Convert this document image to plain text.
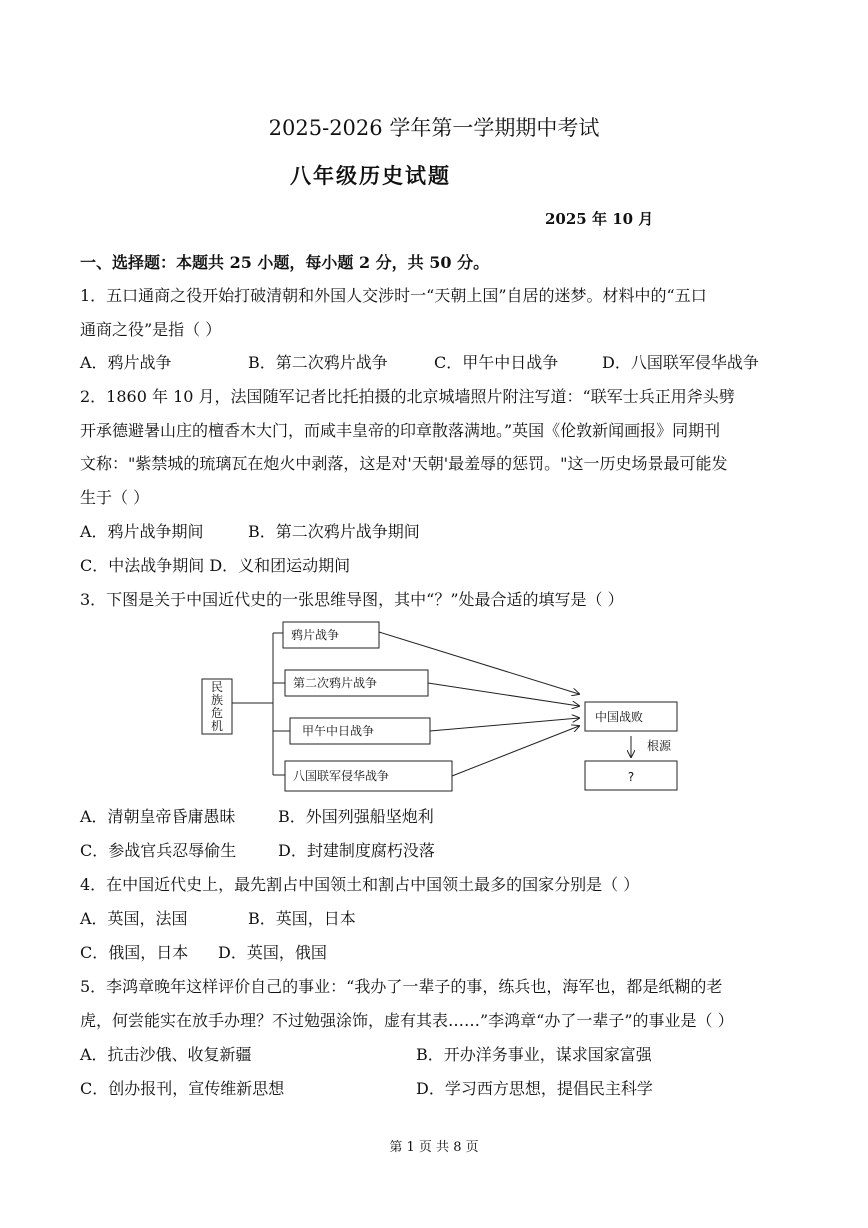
2025-2026 学年第一学期期中考试
八年级历史试题
2025 年 10 月
一、选择题：本题共 25 小题，每小题 2 分，共 50 分。
1．五口通商之役开始打破清朝和外国人交涉时一“天朝上国”自居的迷梦。材料中的“五口
通商之役”是指（ ）
A．鸦片战争	B．第二次鸦片战争	C．甲午中日战争	D．八国联军侵华战争
2．1860 年 10 月，法国随军记者比托拍摄的北京城墙照片附注写道：“联军士兵正用斧头劈
开承德避暑山庄的檀香木大门，而咸丰皇帝的印章散落满地。”英国《伦敦新闻画报》同期刊
文称："紫禁城的琉璃瓦在炮火中剥落，这是对'天朝'最羞辱的惩罚。"这一历史场景最可能发
生于（ ）
A．鸦片战争期间	B．第二次鸦片战争期间
C．中法战争期间 D．义和团运动期间
3．下图是关于中国近代史的一张思维导图，其中“？”处最合适的填写是（ ）
民
族
危
机
鸦片战争
第二次鸦片战争
甲午中日战争
八国联军侵华战争
中国战败
根源
?
A．清朝皇帝昏庸愚昧	B．外国列强船坚炮利
C．参战官兵忍辱偷生	D．封建制度腐朽没落
4．在中国近代史上，最先割占中国领土和割占中国领土最多的国家分别是（ ）
A．英国，法国	B．英国，日本
C．俄国，日本 D．英国，俄国
5．李鸿章晚年这样评价自己的事业：“我办了一辈子的事，练兵也，海军也，都是纸糊的老
虎，何尝能实在放手办理？不过勉强涂饰，虚有其表……”李鸿章“办了一辈子”的事业是（ ）
A．抗击沙俄、收复新疆	B．开办洋务事业，谋求国家富强
C．创办报刊，宣传维新思想	D．学习西方思想，提倡民主科学
第 1 页 共 8 页
